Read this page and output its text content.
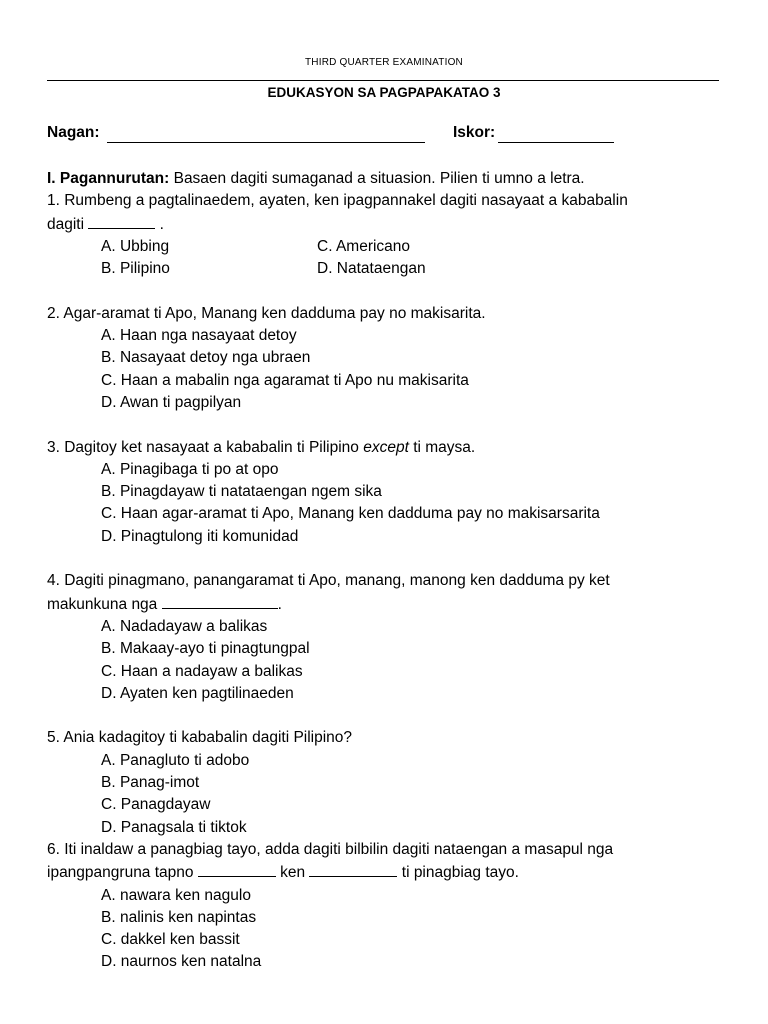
THIRD QUARTER EXAMINATION
EDUKASYON SA PAGPAPAKATAO 3
Nagan:	Iskor:

I. Pagannurutan: Basaen dagiti sumaganad a situasion. Pilien ti umno a letra.

1. Rumbeng a pagtalinaedem, ayaten, ken ipagpannakel dagiti nasayaat a kababalin

dagiti	.

A. Ubbing	C. Americano
B. Pilipino	D. Natataengan

2. Agar-aramat ti Apo, Manang ken dadduma pay no makisarita.

A. Haan nga nasayaat detoy
B. Nasayaat detoy nga ubraen
C. Haan a mabalin nga agaramat ti Apo nu makisarita
D. Awan ti pagpilyan

3. Dagitoy ket nasayaat a kababalin ti Pilipino except ti maysa.

A. Pinagibaga ti po at opo
B. Pinagdayaw ti natataengan ngem sika
C. Haan agar-aramat ti Apo, Manang ken dadduma pay no makisarsarita
D. Pinagtulong iti komunidad

4. Dagiti pinagmano, panangaramat ti Apo, manang, manong ken dadduma py ket

makunkuna nga	.

A. Nadadayaw a balikas
B. Makaay-ayo ti pinagtungpal
C. Haan a nadayaw a balikas
D. Ayaten ken pagtilinaeden

5. Ania kadagitoy ti kababalin dagiti Pilipino?

A. Panagluto ti adobo
B. Panag-imot
C. Panagdayaw
D. Panagsala ti tiktok

6. Iti inaldaw a panagbiag tayo, adda dagiti bilbilin dagiti nataengan a masapul nga

ipangpangruna tapno	ken	ti pinagbiag tayo.

A. nawara ken nagulo
B. nalinis ken napintas
C. dakkel ken bassit
D. naurnos ken natalna
